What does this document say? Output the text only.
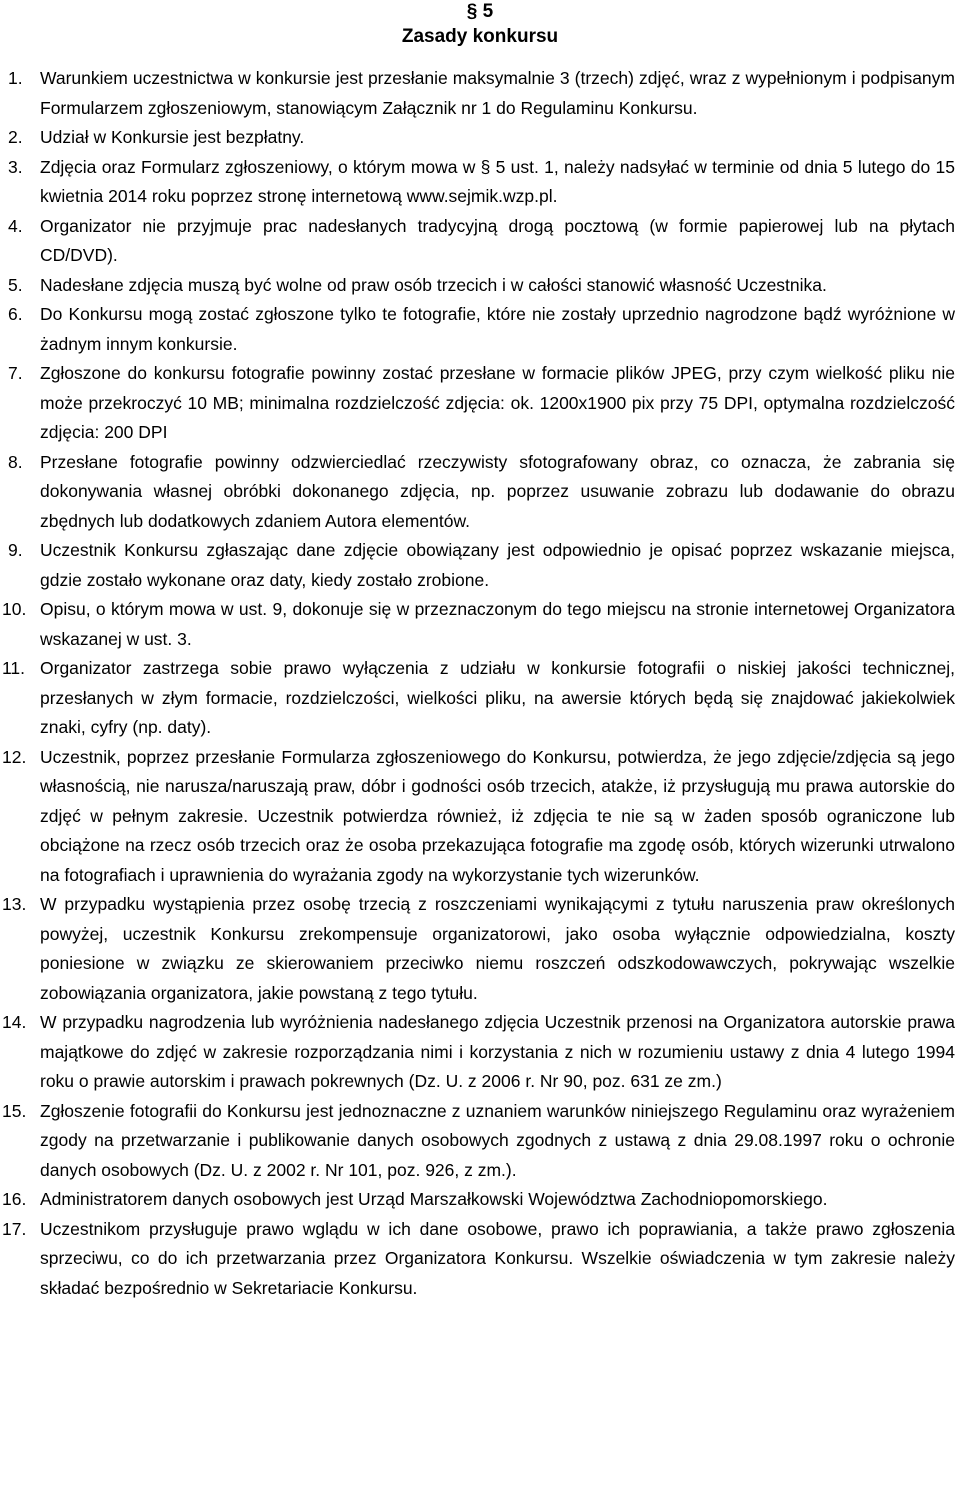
§ 5
Zasady konkursu
1. Warunkiem uczestnictwa w konkursie jest przesłanie maksymalnie 3 (trzech) zdjęć, wraz z wypełnionym i podpisanym Formularzem zgłoszeniowym, stanowiącym Załącznik nr 1 do Regulaminu Konkursu.
2. Udział w Konkursie jest bezpłatny.
3. Zdjęcia oraz Formularz zgłoszeniowy, o którym mowa w § 5 ust. 1, należy nadsyłać w terminie od dnia 5 lutego do 15 kwietnia 2014 roku poprzez stronę internetową www.sejmik.wzp.pl.
4. Organizator nie przyjmuje prac nadesłanych tradycyjną drogą pocztową (w formie papierowej lub na płytach CD/DVD).
5. Nadesłane zdjęcia muszą być wolne od praw osób trzecich i w całości stanowić własność Uczestnika.
6. Do Konkursu mogą zostać zgłoszone tylko te fotografie, które nie zostały uprzednio nagrodzone bądź wyróżnione w żadnym innym konkursie.
7. Zgłoszone do konkursu fotografie powinny zostać przesłane w formacie plików JPEG, przy czym wielkość pliku nie może przekroczyć 10 MB; minimalna rozdzielczość zdjęcia: ok. 1200x1900 pix przy 75 DPI, optymalna rozdzielczość zdjęcia: 200 DPI
8. Przesłane fotografie powinny odzwierciedlać rzeczywisty sfotografowany obraz, co oznacza, że zabrania się dokonywania własnej obróbki dokonanego zdjęcia, np. poprzez usuwanie zobrazu lub dodawanie do obrazu zbędnych lub dodatkowych zdaniem Autora elementów.
9. Uczestnik Konkursu zgłaszając dane zdjęcie obowiązany jest odpowiednio je opisać poprzez wskazanie miejsca, gdzie zostało wykonane oraz daty, kiedy zostało zrobione.
10. Opisu, o którym mowa w ust. 9, dokonuje się w przeznaczonym do tego miejscu na stronie internetowej Organizatora wskazanej w ust. 3.
11. Organizator zastrzega sobie prawo wyłączenia z udziału w konkursie fotografii o niskiej jakości technicznej, przesłanych w złym formacie, rozdzielczości, wielkości pliku, na awersie których będą się znajdować jakiekolwiek znaki, cyfry (np. daty).
12. Uczestnik, poprzez przesłanie Formularza zgłoszeniowego do Konkursu, potwierdza, że jego zdjęcie/zdjęcia są jego własnością, nie narusza/naruszają praw, dóbr i godności osób trzecich, atakże, iż przysługują mu prawa autorskie do zdjęć w pełnym zakresie. Uczestnik potwierdza również, iż zdjęcia te nie są w żaden sposób ograniczone lub obciążone na rzecz osób trzecich oraz że osoba przekazująca fotografie ma zgodę osób, których wizerunki utrwalono na fotografiach i uprawnienia do wyrażania zgody na wykorzystanie tych wizerunków.
13. W przypadku wystąpienia przez osobę trzecią z roszczeniami wynikającymi z tytułu naruszenia praw określonych powyżej, uczestnik Konkursu zrekompensuje organizatorowi, jako osoba wyłącznie odpowiedzialna, koszty poniesione w związku ze skierowaniem przeciwko niemu roszczeń odszkodowawczych, pokrywając wszelkie zobowiązania organizatora, jakie powstaną z tego tytułu.
14. W przypadku nagrodzenia lub wyróżnienia nadesłanego zdjęcia Uczestnik przenosi na Organizatora autorskie prawa majątkowe do zdjęć w zakresie rozporządzania nimi i korzystania z nich w rozumieniu ustawy z dnia 4 lutego 1994 roku o prawie autorskim i prawach pokrewnych (Dz. U. z 2006 r. Nr 90, poz. 631 ze zm.)
15. Zgłoszenie fotografii do Konkursu jest jednoznaczne z uznaniem warunków niniejszego Regulaminu oraz wyrażeniem zgody na przetwarzanie i publikowanie danych osobowych zgodnych z ustawą z dnia 29.08.1997 roku o ochronie danych osobowych (Dz. U. z 2002 r. Nr 101, poz. 926, z zm.).
16. Administratorem danych osobowych jest Urząd Marszałkowski Województwa Zachodniopomorskiego.
17. Uczestnikom przysługuje prawo wglądu w ich dane osobowe, prawo ich poprawiania, a także prawo zgłoszenia sprzeciwu, co do ich przetwarzania przez Organizatora Konkursu. Wszelkie oświadczenia w tym zakresie należy składać bezpośrednio w Sekretariacie Konkursu.
